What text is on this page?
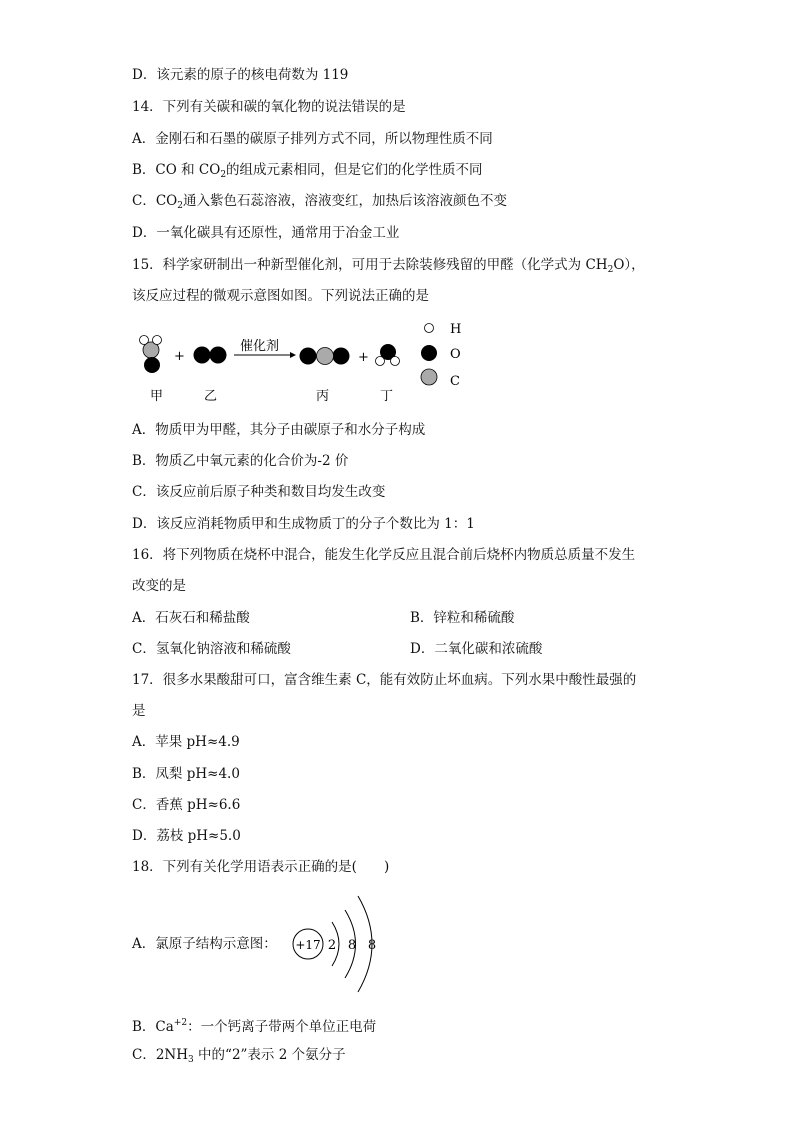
D．该元素的原子的核电荷数为 119
14．下列有关碳和碳的氧化物的说法错误的是
A．金刚石和石墨的碳原子排列方式不同，所以物理性质不同
B．CO 和 $CO_2$的组成元素相同，但是它们的化学性质不同
C．$CO_2$通入紫色石蕊溶液，溶液变红，加热后该溶液颜色不变
D．一氧化碳具有还原性，通常用于冶金工业
15．科学家研制出一种新型催化剂，可用于去除装修残留的甲醛（化学式为 $CH_2O$），
该反应过程的微观示意图如图。下列说法正确的是
+
催化剂
+
H
O
C
甲	乙	丙	丁
A．物质甲为甲醛，其分子由碳原子和水分子构成
B．物质乙中氧元素的化合价为-2 价
C．该反应前后原子种类和数目均发生改变
D．该反应消耗物质甲和生成物质丁的分子个数比为 1：1
16．将下列物质在烧杯中混合，能发生化学反应且混合前后烧杯内物质总质量不发生
改变的是
A．石灰石和稀盐酸	B．锌粒和稀硫酸
C．氢氧化钠溶液和稀硫酸	D．二氧化碳和浓硫酸
17．很多水果酸甜可口，富含维生素 C，能有效防止坏血病。下列水果中酸性最强的
是
A．苹果 pH≈4.9
B．凤梨 pH≈4.0
C．香蕉 pH≈6.6
D．荔枝 pH≈5.0
18．下列有关化学用语表示正确的是(　　)
A．氯原子结构示意图： +17 2 8 8
B．$Ca^{+2}$：一个钙离子带两个单位正电荷
C．$2NH_3$ 中的“2”表示 2 个氨分子
